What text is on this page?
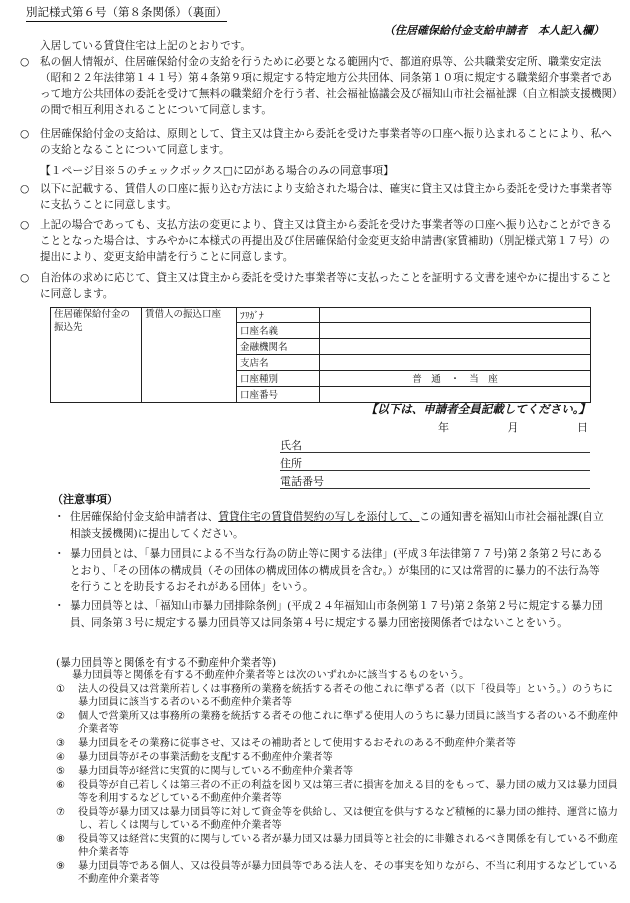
別記様式第６号（第８条関係）（裏面）
（住居確保給付金支給申請者　本人記入欄）
入居している賃貸住宅は上記のとおりです。
○ 私の個人情報が、住居確保給付金の支給を行うために必要となる範囲内で、都道府県等、公共職業安定所、職業安定法（昭和２２年法律第１４１号）第４条第９項に規定する特定地方公共団体、同条第１０項に規定する職業紹介事業者であって地方公共団体の委託を受けて無料の職業紹介を行う者、社会福祉協議会及び福知山市社会福祉課（自立相談支援機関）の間で相互利用されることについて同意します。
○ 住居確保給付金の支給は、原則として、貸主又は貸主から委託を受けた事業者等の口座へ振り込まれることにより、私への支給となることについて同意します。
【１ページ目※５のチェックボックス□に☑がある場合のみの同意事項】
○ 以下に記載する、賃借人の口座に振り込む方法により支給された場合は、確実に貸主又は貸主から委託を受けた事業者等に支払うことに同意します。
○ 上記の場合であっても、支払方法の変更により、貸主又は貸主から委託を受けた事業者等の口座へ振り込むことができることとなった場合は、すみやかに本様式の再提出及び住居確保給付金変更支給申請書(家賃補助)（別記様式第１７号）の提出により、変更支給申請を行うことに同意します。
○ 自治体の求めに応じて、貸主又は貸主から委託を受けた事業者等に支払ったことを証明する文書を速やかに提出することに同意します。
住居確保給付金の振込先	賃借人の振込口座	ﾌﾘｶﾞﾅ	
		口座名義	
		金融機関名	
		支店名	
		口座種別	普　通　・　当　座
		口座番号	
【以下は、申請者全員記載してください。】
年	月	日
氏名
住所
電話番号
（注意事項）
・ 住居確保給付金支給申請者は、賃貸住宅の賃貸借契約の写しを添付して、この通知書を福知山市社会福祉課(自立相談支援機関)に提出してください。
・ 暴力団員とは、「暴力団員による不当な行為の防止等に関する法律」(平成３年法律第７７号)第２条第２号にあるとおり、「その団体の構成員（その団体の構成団体の構成員を含む。）が集団的に又は常習的に暴力的不法行為等を行うことを助長するおそれがある団体」をいう。
・ 暴力団員等とは、「福知山市暴力団排除条例」(平成２４年福知山市条例第１７号)第２条第２号に規定する暴力団員、同条第３号に規定する暴力団員等又は同条第４号に規定する暴力団密接関係者ではないことをいう。
(暴力団員等と関係を有する不動産仲介業者等)
暴力団員等と関係を有する不動産仲介業者等とは次のいずれかに該当するものをいう。
① 法人の役員又は営業所若しくは事務所の業務を統括する者その他これに準ずる者（以下「役員等」という。）のうちに暴力団員に該当する者のいる不動産仲介業者等
② 個人で営業所又は事務所の業務を統括する者その他これに準ずる使用人のうちに暴力団員に該当する者のいる不動産仲介業者等
③ 暴力団員をその業務に従事させ、又はその補助者として使用するおそれのある不動産仲介業者等
④ 暴力団員等がその事業活動を支配する不動産仲介業者等
⑤ 暴力団員等が経営に実質的に関与している不動産仲介業者等
⑥ 役員等が自己若しくは第三者の不正の利益を図り又は第三者に損害を加える目的をもって、暴力団の威力又は暴力団員等を利用するなどしている不動産仲介業者等
⑦ 役員等が暴力団又は暴力団員等に対して資金等を供給し、又は便宜を供与するなど積極的に暴力団の維持、運営に協力し、若しくは関与している不動産仲介業者等
⑧ 役員等又は経営に実質的に関与している者が暴力団又は暴力団員等と社会的に非難されるべき関係を有している不動産仲介業者等
⑨ 暴力団員等である個人、又は役員等が暴力団員等である法人を、その事実を知りながら、不当に利用するなどしている不動産仲介業者等
